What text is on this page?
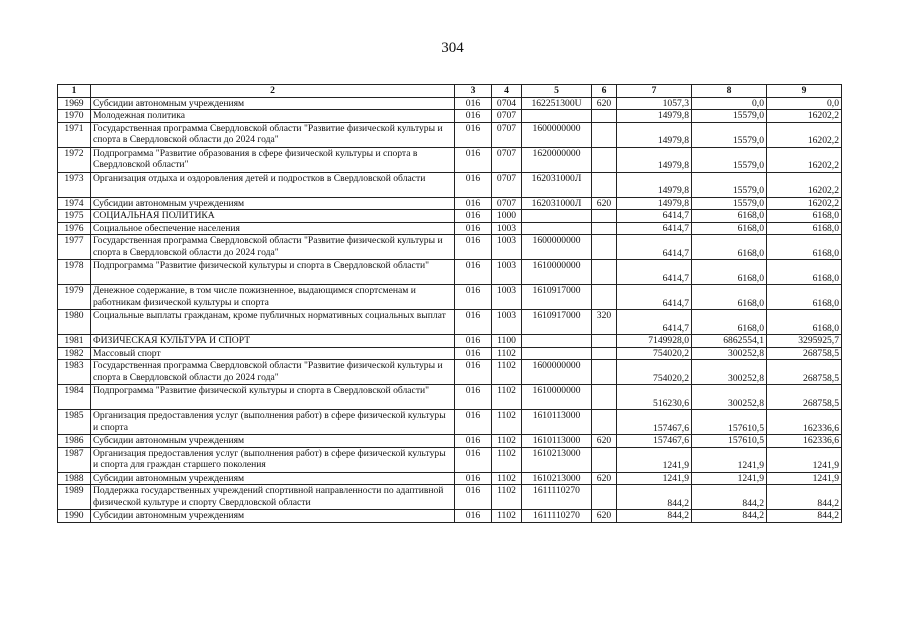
304
1	2	3	4	5	6	7	8	9
1969	Субсидии автономным учреждениям	016	0704	162251300U	620	1057,3	0,0	0,0
1970	Молодежная политика	016	0707			14979,8	15579,0	16202,2
1971	Государственная программа Свердловской области "Развитие физической культуры и спорта в Свердловской области до 2024 года"	016	0707	1600000000		14979,8	15579,0	16202,2
1972	Подпрограмма "Развитие образования в сфере физической культуры и спорта в Свердловской области"	016	0707	1620000000		14979,8	15579,0	16202,2
1973	Организация отдыха и оздоровления детей и подростков в Свердловской области	016	0707	162031000Л		14979,8	15579,0	16202,2
1974	Субсидии автономным учреждениям	016	0707	162031000Л	620	14979,8	15579,0	16202,2
1975	СОЦИАЛЬНАЯ ПОЛИТИКА	016	1000			6414,7	6168,0	6168,0
1976	Социальное обеспечение населения	016	1003			6414,7	6168,0	6168,0
1977	Государственная программа Свердловской области "Развитие физической культуры и спорта в Свердловской области до 2024 года"	016	1003	1600000000		6414,7	6168,0	6168,0
1978	Подпрограмма "Развитие физической культуры и спорта в Свердловской области"	016	1003	1610000000		6414,7	6168,0	6168,0
1979	Денежное содержание, в том числе пожизненное, выдающимся спортсменам и работникам физической культуры и спорта	016	1003	1610917000		6414,7	6168,0	6168,0
1980	Социальные выплаты гражданам, кроме публичных нормативных социальных выплат	016	1003	1610917000	320	6414,7	6168,0	6168,0
1981	ФИЗИЧЕСКАЯ КУЛЬТУРА И СПОРТ	016	1100			7149928,0	6862554,1	3295925,7
1982	Массовый спорт	016	1102			754020,2	300252,8	268758,5
1983	Государственная программа Свердловской области "Развитие физической культуры и спорта в Свердловской области до 2024 года"	016	1102	1600000000		754020,2	300252,8	268758,5
1984	Подпрограмма "Развитие физической культуры и спорта в Свердловской области"	016	1102	1610000000		516230,6	300252,8	268758,5
1985	Организация предоставления услуг (выполнения работ) в сфере физической культуры и спорта	016	1102	1610113000		157467,6	157610,5	162336,6
1986	Субсидии автономным учреждениям	016	1102	1610113000	620	157467,6	157610,5	162336,6
1987	Организация предоставления услуг (выполнения работ) в сфере физической культуры и спорта для граждан старшего поколения	016	1102	1610213000		1241,9	1241,9	1241,9
1988	Субсидии автономным учреждениям	016	1102	1610213000	620	1241,9	1241,9	1241,9
1989	Поддержка государственных учреждений спортивной направленности по адаптивной физической культуре и спорту Свердловской области	016	1102	1611110270		844,2	844,2	844,2
1990	Субсидии автономным учреждениям	016	1102	1611110270	620	844,2	844,2	844,2
